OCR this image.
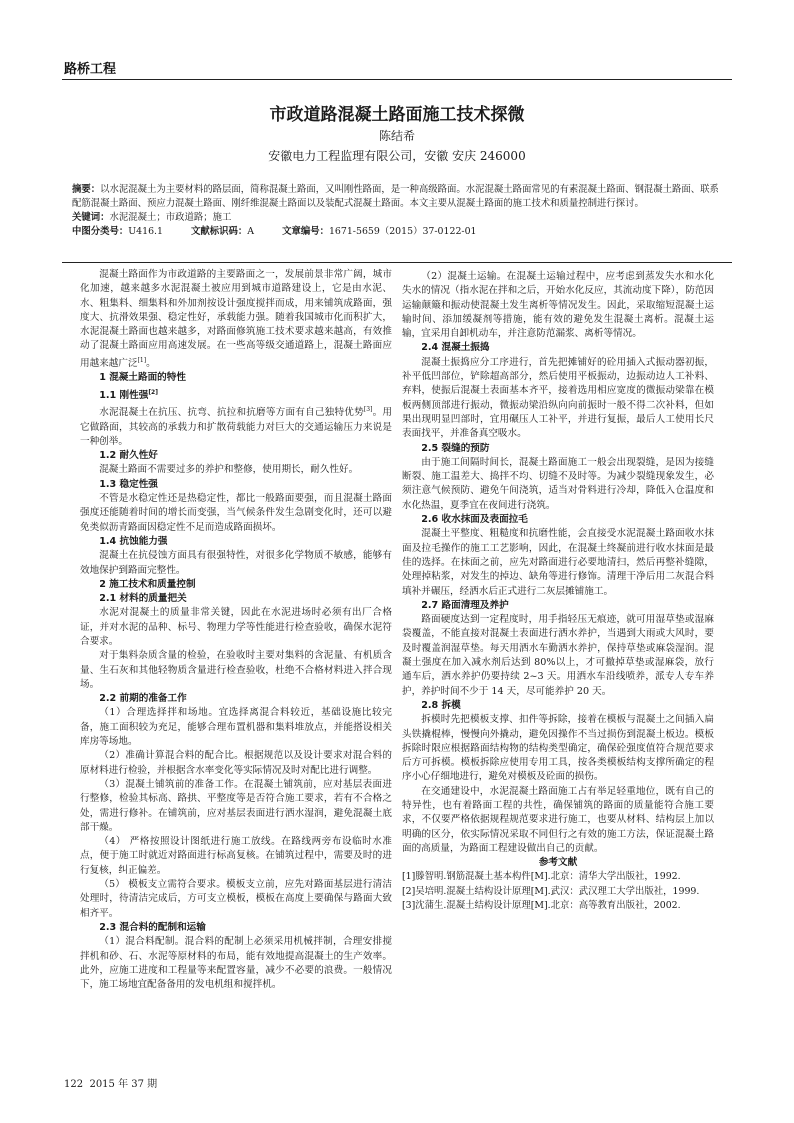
路桥工程
市政道路混凝土路面施工技术探微
陈结希
安徽电力工程监理有限公司，安徽 安庆 246000
摘要：以水泥混凝土为主要材料的路层面，简称混凝土路面，又叫刚性路面，是一种高级路面。水泥混凝土路面常见的有素混凝土路面、钢混凝土路面、联系配筋混凝土路面、预应力混凝土路面、刚纤维混凝土路面以及装配式混凝土路面。本文主要从混凝土路面的施工技术和质量控制进行探讨。
关键词：水泥混凝土；市政道路；施工
中图分类号：U416.1	文献标识码：A	文章编号：1671-5659（2015）37-0122-01

混凝土路面作为市政道路的主要路面之一，发展前景非常广阔，城市化加速，越来越多水泥混凝土被应用到城市道路建设上，它是由水泥、水、粗集料、细集料和外加剂按设计强度搅拌而成，用来铺筑成路面，强度大、抗滑效果强、稳定性好，承载能力强。随着我国城市化而积扩大，水泥混凝土路面也越来越多，对路面修筑施工技术要求越来越高，有效推动了混凝土路面应用高速发展。在一些高等级交通道路上，混凝土路面应用越来越广泛[1]。

1 混凝土路面的特性
1.1 刚性强[2]

水泥混凝土在抗压、抗弯、抗拉和抗磨等方面有自己独特优势[3]。用它做路面，其较高的承载力和扩散荷载能力对巨大的交通运输压力来说是一种创举。

1.2 耐久性好

混凝土路面不需要过多的养护和整修，使用期长，耐久性好。

1.3 稳定性强

不管是水稳定性还是热稳定性，都比一般路面要强，而且混凝土路面强度还能随着时间的增长而变强，当气候条件发生急剧变化时，还可以避免类似沥青路面因稳定性不足而造成路面损坏。

1.4 抗蚀能力强

混凝土在抗侵蚀方面具有很强特性，对很多化学物质不敏感，能够有效地保护到路面完整性。

2 施工技术和质量控制
2.1 材料的质量把关

水泥对混凝土的质量非常关键，因此在水泥进场时必须有出厂合格证，并对水泥的品种、标号、物理力学等性能进行检查验收，确保水泥符合要求。

对于集料杂质含量的检验，在验收时主要对集料的含泥量、有机质含量、生石灰和其他轻物质含量进行检查验收，杜绝不合格材料进入拌合现场。

2.2 前期的准备工作

（1）合理选择拌和场地。宜选择离混合料较近，基础设施比较完备，施工面积较为充足，能够合理布置机器和集料堆放点，并能搭设相关库房等场地。

（2）准确计算混合料的配合比。根据规范以及设计要求对混合料的原材料进行检验，并根据含水率变化等实际情况及时对配比进行调整。

（3）混凝土铺筑前的准备工作。在混凝土铺筑前，应对基层表面进行整修，检验其标高、路拱、平整度等是否符合施工要求，若有不合格之处，需进行修补。在铺筑前，应对基层表面进行洒水湿润，避免混凝土底部干燥。

（4） 严格按照设计图纸进行施工放线。在路线两旁布设临时水准点，便于施工时就近对路面进行标高复核。在铺筑过程中，需要及时的进行复核，纠正偏差。

（5） 模板支立需符合要求。模板支立前，应先对路面基层进行清洁处理时，待清洁完成后，方可支立模板，模板在高度上要确保与路面大致相齐平。

2.3 混合料的配制和运输

（1）混合料配制。混合料的配制上必须采用机械拌制，合理安排搅拌机和砂、石、水泥等原材料的布局，能有效地提高混凝土的生产效率。此外，应施工进度和工程量等来配置容量，减少不必要的浪费。一般情况下，施工场地宜配备备用的发电机组和搅拌机。

（2）混凝土运输。在混凝土运输过程中，应考虑到蒸发失水和水化失水的情况（指水泥在拌和之后，开始水化反应，其流动度下降），防范因运输颠簸和振动使混凝土发生离析等情况发生。因此，采取缩短混凝土运输时间、添加缓凝剂等措施，能有效的避免发生混凝土离析。混凝土运输，宜采用自卸机动车，并注意防范漏浆、离析等情况。

2.4 混凝土振捣

混凝土振捣应分工序进行，首先把摊铺好的砼用插入式振动器初振，补平低凹部位，铲除超高部分，然后使用平板振动，边振动边人工补料、弃料，使振后混凝土表面基本齐平，接着选用相应宽度的微振动梁靠在模板两侧顶部进行振动，微振动梁沿纵向向前振时一般不得二次补料，但如果出现明显凹部时，宜用碾压人工补平，并进行复振，最后人工使用长尺表面找平，并准备真空吸水。

2.5 裂缝的预防

由于施工间隔时间长，混凝土路面施工一般会出现裂缝，是因为接缝断裂、施工温差大、捣拌不均、切缝不及时等。为减少裂缝现象发生，必须注意气候预防、避免午间浇筑，适当对骨料进行冷却，降低入仓温度和水化热温，夏季宜在夜间进行浇筑。

2.6 收水抹面及表面拉毛

混凝土平整度、粗糙度和抗磨性能，会直接受水泥混凝土路面收水抹面及拉毛操作的施工工艺影响，因此，在混凝土终凝前进行收水抹面是最佳的选择。在抹面之前，应先对路面进行必要地清扫，然后再整补缝隙，处理掉粘浆，对发生的掉边、缺角等进行修饰。清理干净后用二灰混合料填补并碾压，经洒水后正式进行二灰层摊铺施工。

2.7 路面清理及养护

路面硬度达到一定程度时，用手指轻压无痕迹，就可用湿草垫或湿麻袋覆盖，不能直接对混凝土表面进行洒水养护，当遇到大雨或大风时，要及时覆盖润湿草垫。每天用洒水车勤洒水养护，保持草垫或麻袋湿润。混凝土强度在加入减水剂后达到 80%以上，才可撤掉草垫或湿麻袋，放行通车后，洒水养护仍要持续 2~3 天。用洒水车沿线喷养，派专人专车养护，养护时间不少于 14 天，尽可能养护 20 天。

2.8 拆模

拆模时先把模板支撑、扣件等拆除，接着在模板与混凝土之间插入扁头铁撬棍棒，慢慢向外撬动，避免因操作不当过损伤到混凝土板边。模板拆除时限应根据路面结构物的结构类型确定，确保砼强度值符合规范要求后方可拆模。模板拆除应使用专用工具，按各类模板结构支撑所确定的程序小心仔细地进行，避免对模板及砼面的损伤。

在交通建设中，水泥混凝土路面施工占有举足轻重地位，既有自己的特异性，也有着路面工程的共性，确保铺筑的路面的质量能符合施工要求，不仅要严格依据规程规范要求进行施工，也要从材料、结构层上加以明确的区分，依实际情况采取不同但行之有效的施工方法，保证混凝土路面的高质量，为路面工程建设做出自己的贡献。

参考文献

[1]滕智明.钢筋混凝土基本构件[M].北京：清华大学出版社，1992.

[2]吴培明.混凝土结构设计原理[M].武汉：武汉理工大学出版社，1999.

[3]沈蒲生.混凝土结构设计原理[M].北京：高等教育出版社，2002.

122 2015 年 37 期
